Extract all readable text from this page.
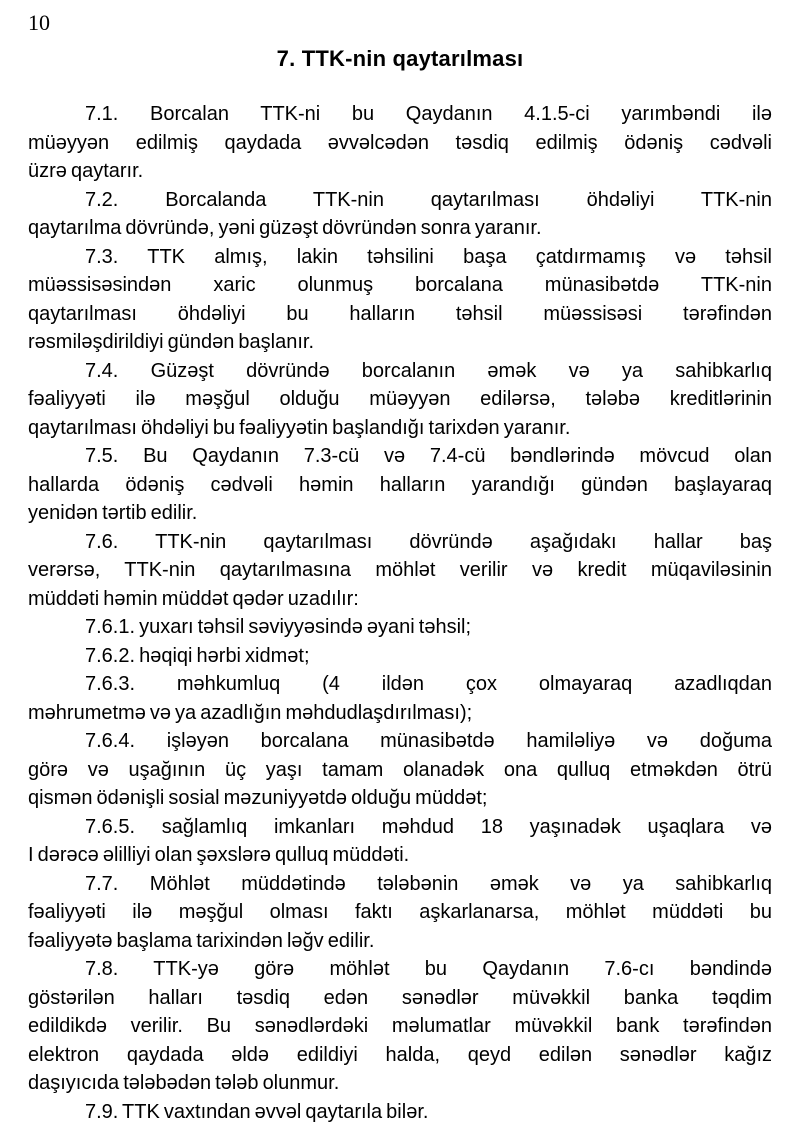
10
7. TTK-nin qaytarılması

7.1. Borcalan TTK-ni bu Qaydanın 4.1.5-ci yarımbəndi ilə
müəyyən edilmiş qaydada əvvəlcədən təsdiq edilmiş ödəniş cədvəli
üzrə qaytarır.

7.2. Borcalanda TTK-nin qaytarılması öhdəliyi TTK-nin
qaytarılma dövründə, yəni güzəşt dövründən sonra yaranır.

7.3. TTK almış, lakin təhsilini başa çatdırmamış və təhsil
müəssisəsindən xaric olunmuş borcalana münasibətdə TTK-nin
qaytarılması öhdəliyi bu halların təhsil müəssisəsi tərəfindən
rəsmiləşdirildiyi gündən başlanır.

7.4. Güzəşt dövründə borcalanın əmək və ya sahibkarlıq
fəaliyyəti ilə məşğul olduğu müəyyən edilərsə, tələbə kreditlərinin
qaytarılması öhdəliyi bu fəaliyyətin başlandığı tarixdən yaranır.

7.5. Bu Qaydanın 7.3-cü və 7.4-cü bəndlərində mövcud olan
hallarda ödəniş cədvəli həmin halların yarandığı gündən başlayaraq
yenidən tərtib edilir.

7.6. TTK-nin qaytarılması dövründə aşağıdakı hallar baş
verərsə, TTK-nin qaytarılmasına möhlət verilir və kredit müqaviləsinin
müddəti həmin müddət qədər uzadılır:

7.6.1. yuxarı təhsil səviyyəsində əyani təhsil;

7.6.2. həqiqi hərbi xidmət;

7.6.3. məhkumluq (4 ildən çox olmayaraq azadlıqdan
məhrumetmə və ya azadlığın məhdudlaşdırılması);

7.6.4. işləyən borcalana münasibətdə hamiləliyə və doğuma
görə və uşağının üç yaşı tamam olanadək ona qulluq etməkdən ötrü
qismən ödənişli sosial məzuniyyətdə olduğu müddət;

7.6.5. sağlamlıq imkanları məhdud 18 yaşınadək uşaqlara və
I dərəcə əlilliyi olan şəxslərə qulluq müddəti.

7.7. Möhlət müddətində tələbənin əmək və ya sahibkarlıq
fəaliyyəti ilə məşğul olması faktı aşkarlanarsa, möhlət müddəti bu
fəaliyyətə başlama tarixindən ləğv edilir.

7.8. TTK-yə görə möhlət bu Qaydanın 7.6-cı bəndində
göstərilən halları təsdiq edən sənədlər müvəkkil banka təqdim
edildikdə verilir. Bu sənədlərdəki məlumatlar müvəkkil bank tərəfindən
elektron qaydada əldə edildiyi halda, qeyd edilən sənədlər kağız
daşıyıcıda tələbədən tələb olunmur.

7.9. TTK vaxtından əvvəl qaytarıla bilər.
